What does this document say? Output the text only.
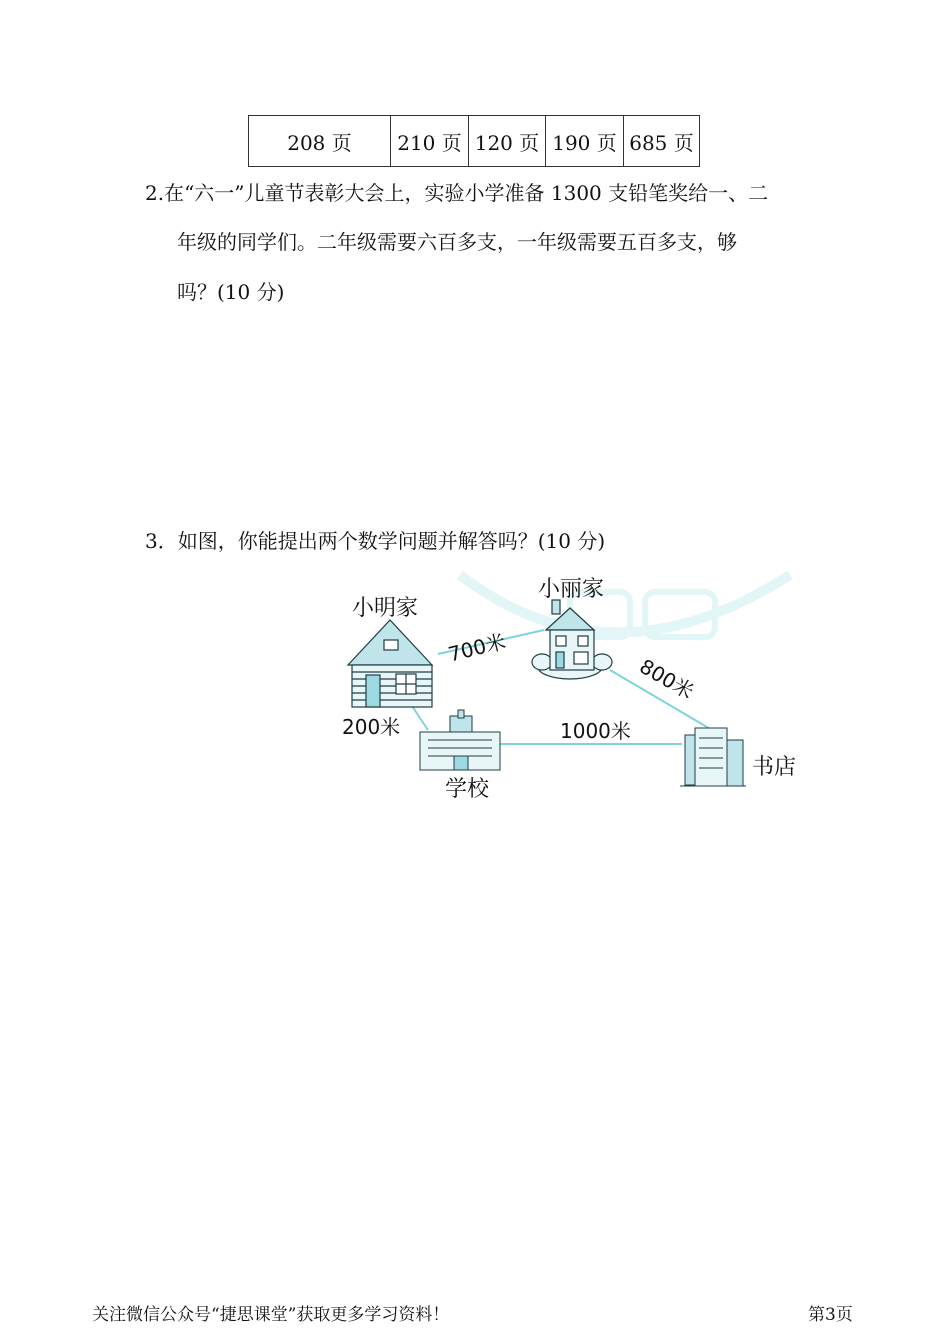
208 页	210 页	120 页	190 页	685 页
2.在“六一”儿童节表彰大会上，实验小学准备 1300 支铅笔奖给一、二
年级的同学们。二年级需要六百多支，一年级需要五百多支，够
吗？(10 分)
3．如图，你能提出两个数学问题并解答吗？(10 分)
小明家
小丽家
学校
书店
700米
800米
200米	1000米
关注微信公众号“捷思课堂”获取更多学习资料！	第3页
